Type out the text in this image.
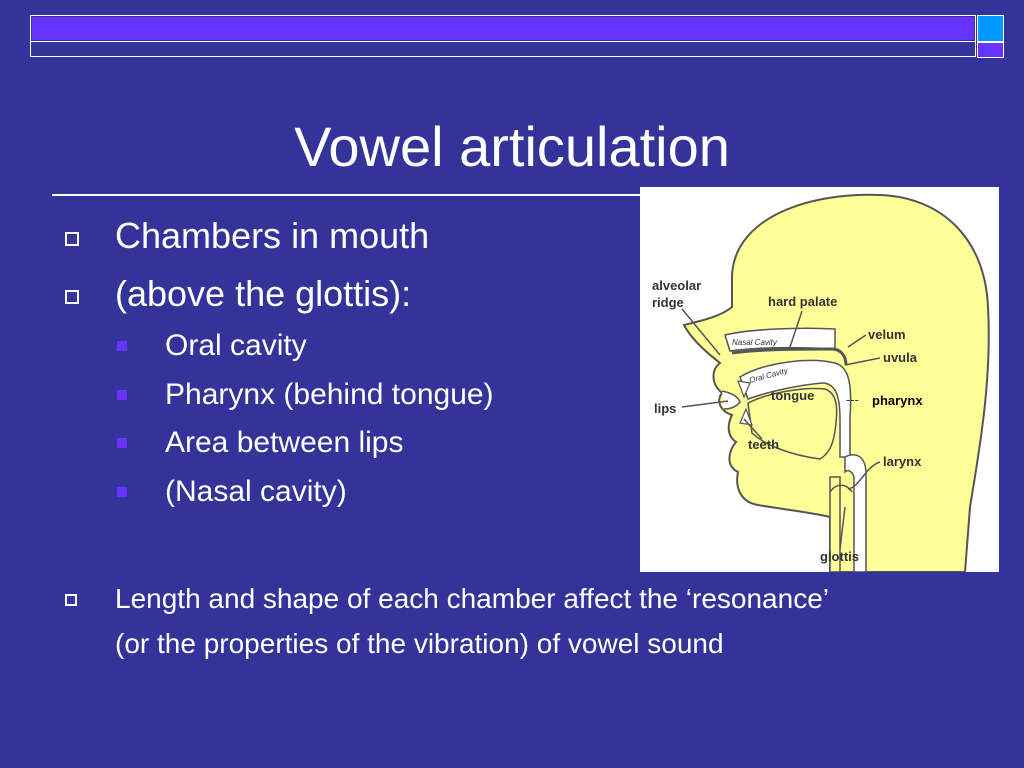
Vowel articulation
Chambers in mouth
(above the glottis):
Oral cavity
Pharynx (behind tongue)
Area between lips
(Nasal cavity)
Length and shape of each chamber affect the ‘resonance’
(or the properties of the vibration) of vowel sound
alveolar
ridge	hard palate
velum
uvula
Nasal Cavity
Oral Cavity
tongue --- pharynx
lips
teeth
larynx
glottis
